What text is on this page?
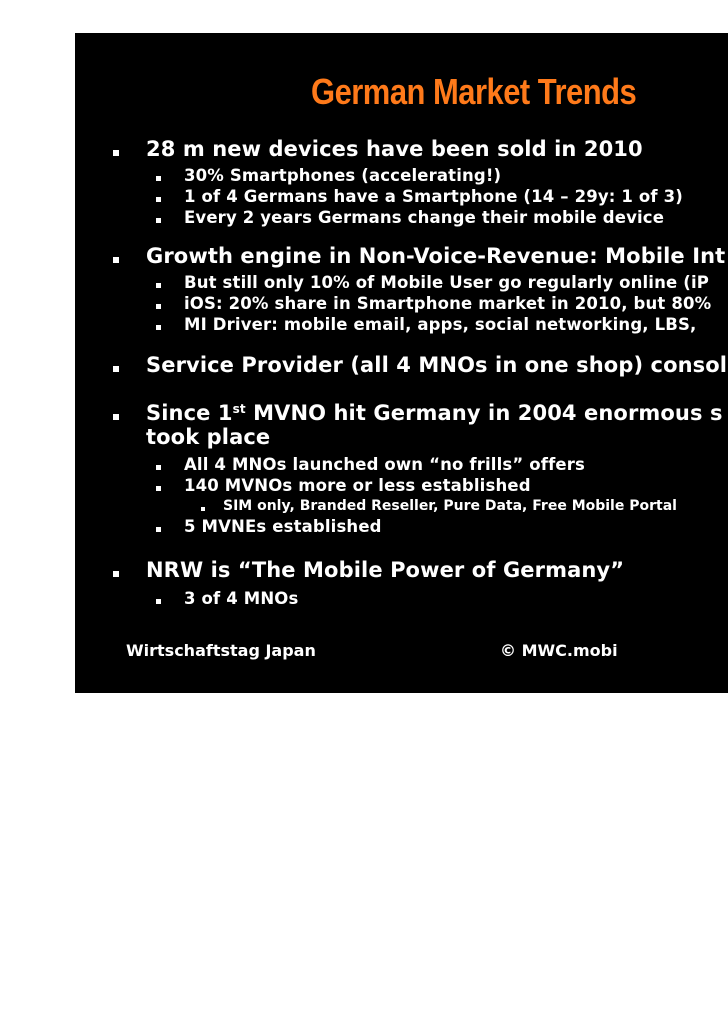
German Market Trends
28 m new devices have been sold in 2010
30% Smartphones (accelerating!)
1 of 4 Germans have a Smartphone (14 – 29y: 1 of 3)
Every 2 years Germans change their mobile device
Growth engine in Non-Voice-Revenue: Mobile Int
But still only 10% of Mobile User go regularly online (iP
iOS: 20% share in Smartphone market in 2010, but 80%
MI Driver: mobile email, apps, social networking, LBS,
Service Provider (all 4 MNOs in one shop) consol
Since 1st MVNO hit Germany in 2004 enormous s
took place
All 4 MNOs launched own “no frills” offers
140 MVNOs more or less established
SIM only, Branded Reseller, Pure Data, Free Mobile Portal
5 MVNEs established
NRW is “The Mobile Power of Germany”
3 of 4 MNOs
Wirtschaftstag Japan	© MWC.mobi
